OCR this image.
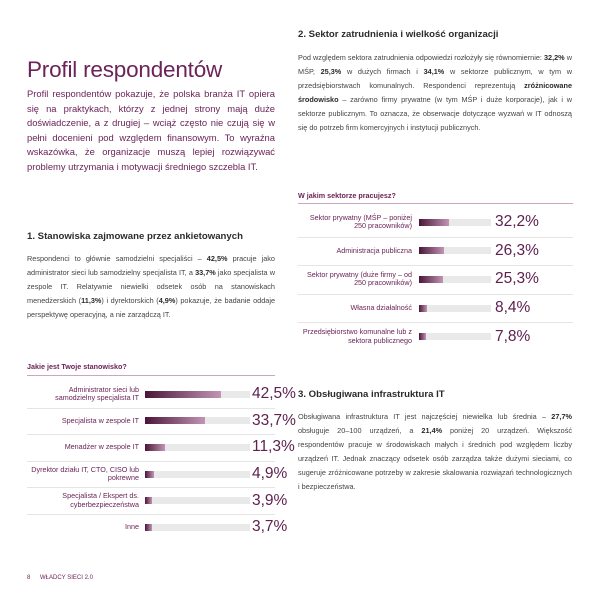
Profil respondentów

Profil respondentów pokazuje, że polska branża IT opiera się na praktykach, którzy z jednej strony mają duże doświadczenie, a z drugiej – wciąż często nie czują się w pełni docenieni pod względem finansowym. To wyraźna wskazówka, że organizacje muszą lepiej rozwiązywać problemy utrzymania i motywacji średniego szczebla IT.

1. Stanowiska zajmowane przez ankietowanych

Respondenci to głównie samodzielni specjaliści – 42,5% pracuje jako administrator sieci lub samodzielny specjalista IT, a 33,7% jako specjalista w zespole IT. Relatywnie niewielki odsetek osób na stanowiskach menedżerskich (11,3%) i dyrektorskich (4,9%) pokazuje, że badanie oddaje perspektywę operacyjną, a nie zarządczą IT.

Jakie jest Twoje stanowisko?
Administrator sieci lub samodzielny specjalista IT	42,5%
Specjalista w zespole IT	33,7%
Menadżer w zespole IT	11,3%
Dyrektor działu IT, CTO, CISO lub pokrewne	4,9%
Specjalista / Ekspert ds. cyberbezpieczeństwa	3,9%
Inne	3,7%
2. Sektor zatrudnienia i wielkość organizacji

Pod względem sektora zatrudnienia odpowiedzi rozłożyły się równomiernie: 32,2% w MŚP, 25,3% w dużych firmach i 34,1% w sektorze publicznym, w tym w przedsiębiorstwach komunalnych. Respondenci reprezentują zróżnicowane środowisko – zarówno firmy prywatne (w tym MŚP i duże korporacje), jak i w sektorze publicznym. To oznacza, że obserwacje dotyczące wyzwań w IT odnoszą się do potrzeb firm komercyjnych i instytucji publicznych.

W jakim sektorze pracujesz?
Sektor prywatny (MŚP – poniżej 250 pracowników)	32,2%
Administracja publiczna	26,3%
Sektor prywatny (duże firmy – od 250 pracowników)	25,3%
Własna działalność	8,4%
Przedsiębiorstwo komunalne lub z sektora publicznego	7,8%
3. Obsługiwana infrastruktura IT

Obsługiwana infrastruktura IT jest najczęściej niewielka lub średnia – 27,7% obsługuje 20–100 urządzeń, a 21,4% poniżej 20 urządzeń. Większość respondentów pracuje w środowiskach małych i średnich pod względem liczby urządzeń IT. Jednak znaczący odsetek osób zarządza także dużymi sieciami, co sugeruje zróżnicowane potrzeby w zakresie skalowania rozwiązań technologicznych i bezpieczeństwa.

8 WŁADCY SIECI 2.0
